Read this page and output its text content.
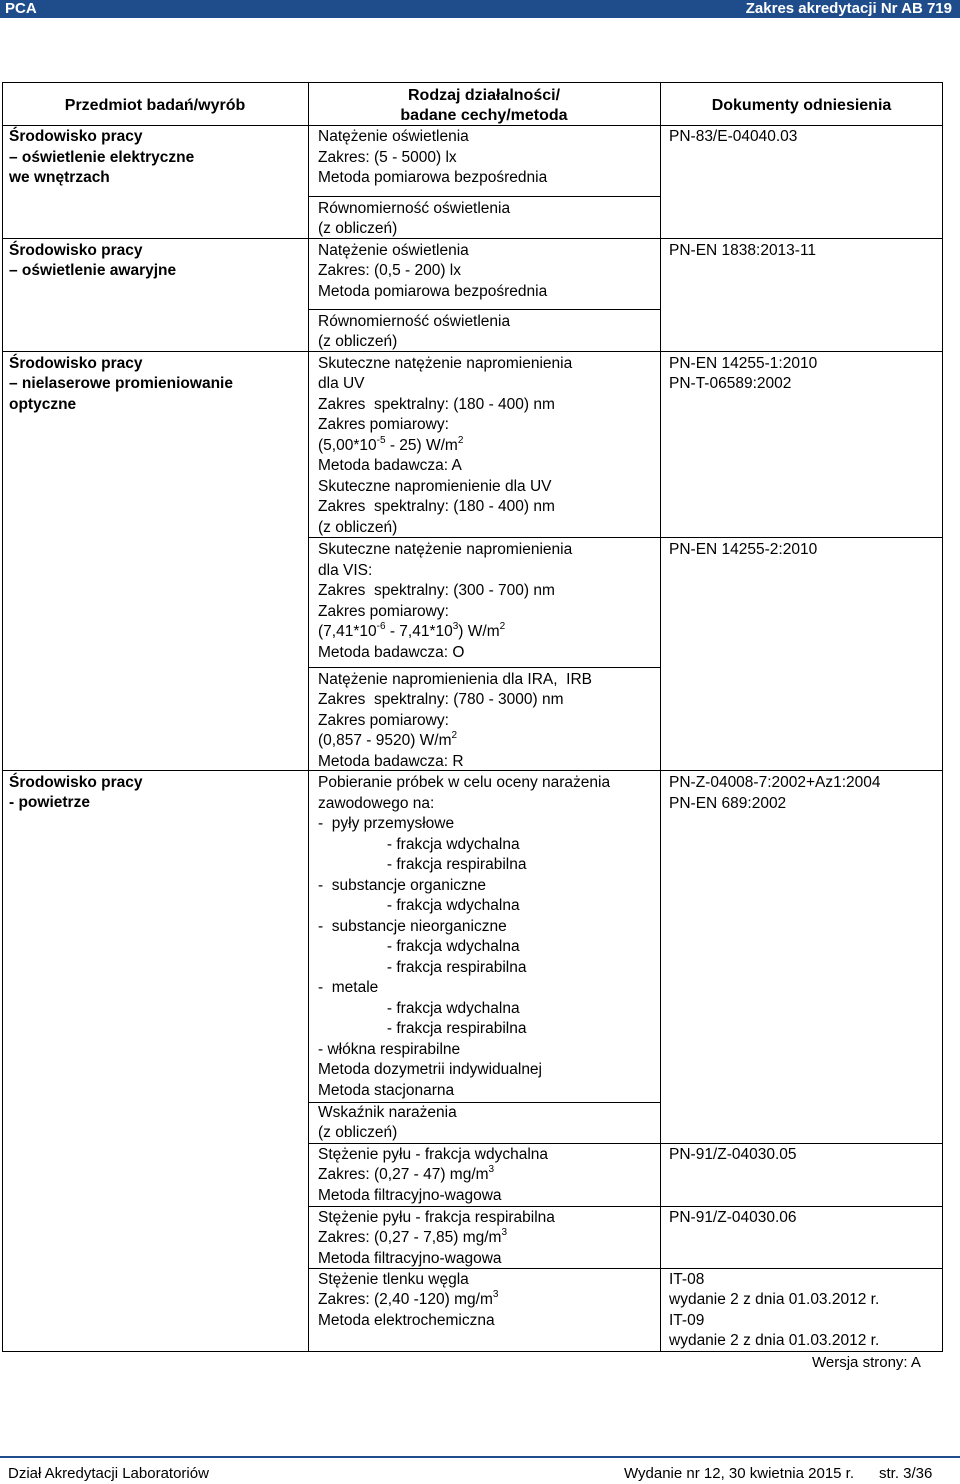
PCA	Zakres akredytacji Nr AB 719
Przedmiot badań/wyrób
Rodzaj działalności/
badane cechy/metoda
Dokumenty odniesienia
Środowisko pracy
– oświetlenie elektryczne
we wnętrzach
Natężenie oświetlenia
Zakres: (5 - 5000) lx
Metoda pomiarowa bezpośrednia
Równomierność oświetlenia
(z obliczeń)
PN-83/E-04040.03
Środowisko pracy
– oświetlenie awaryjne
Natężenie oświetlenia
Zakres: (0,5 - 200) lx
Metoda pomiarowa bezpośrednia
Równomierność oświetlenia
(z obliczeń)
PN-EN 1838:2013-11
Środowisko pracy
– nielaserowe promieniowanie
optyczne
Skuteczne natężenie napromienienia
dla UV
Zakres  spektralny: (180 - 400) nm
Zakres pomiarowy:
$(5,00*10^{-5} - 25)$ $W/m^2$
Metoda badawcza: A
Skuteczne napromienienie dla UV
Zakres  spektralny: (180 - 400) nm
(z obliczeń)
Skuteczne natężenie napromienienia
dla VIS:
Zakres  spektralny: (300 - 700) nm
Zakres pomiarowy:
$(7,41*10^{-6} - 7,41*10^3)$ $W/m^2$
Metoda badawcza: O
Natężenie napromienienia dla IRA,  IRB
Zakres  spektralny: (780 - 3000) nm
Zakres pomiarowy:
(0,857 - 9520) $W/m^2$
Metoda badawcza: R
PN-EN 14255-1:2010
PN-T-06589:2002
PN-EN 14255-2:2010
Środowisko pracy
- powietrze
Pobieranie próbek w celu oceny narażenia
zawodowego na:
-  pyły przemysłowe
- frakcja wdychalna
- frakcja respirabilna
-  substancje organiczne
- frakcja wdychalna
-  substancje nieorganiczne
- frakcja wdychalna
- frakcja respirabilna
-  metale
- frakcja wdychalna
- frakcja respirabilna
- włókna respirabilne
Metoda dozymetrii indywidualnej
Metoda stacjonarna
Wskaźnik narażenia
(z obliczeń)
Stężenie pyłu - frakcja wdychalna
Zakres: (0,27 - 47) $mg/m^3$
Metoda filtracyjno-wagowa
Stężenie pyłu - frakcja respirabilna
Zakres: (0,27 - 7,85) $mg/m^3$
Metoda filtracyjno-wagowa
Stężenie tlenku węgla
Zakres: (2,40 -120) $mg/m^3$
Metoda elektrochemiczna
PN-Z-04008-7:2002+Az1:2004
PN-EN 689:2002
PN-91/Z-04030.05
PN-91/Z-04030.06
IT-08
wydanie 2 z dnia 01.03.2012 r.
IT-09
wydanie 2 z dnia 01.03.2012 r.
Wersja strony: A
Dział Akredytacji Laboratoriów	Wydanie nr 12, 30 kwietnia 2015 r.      str. 3/36
